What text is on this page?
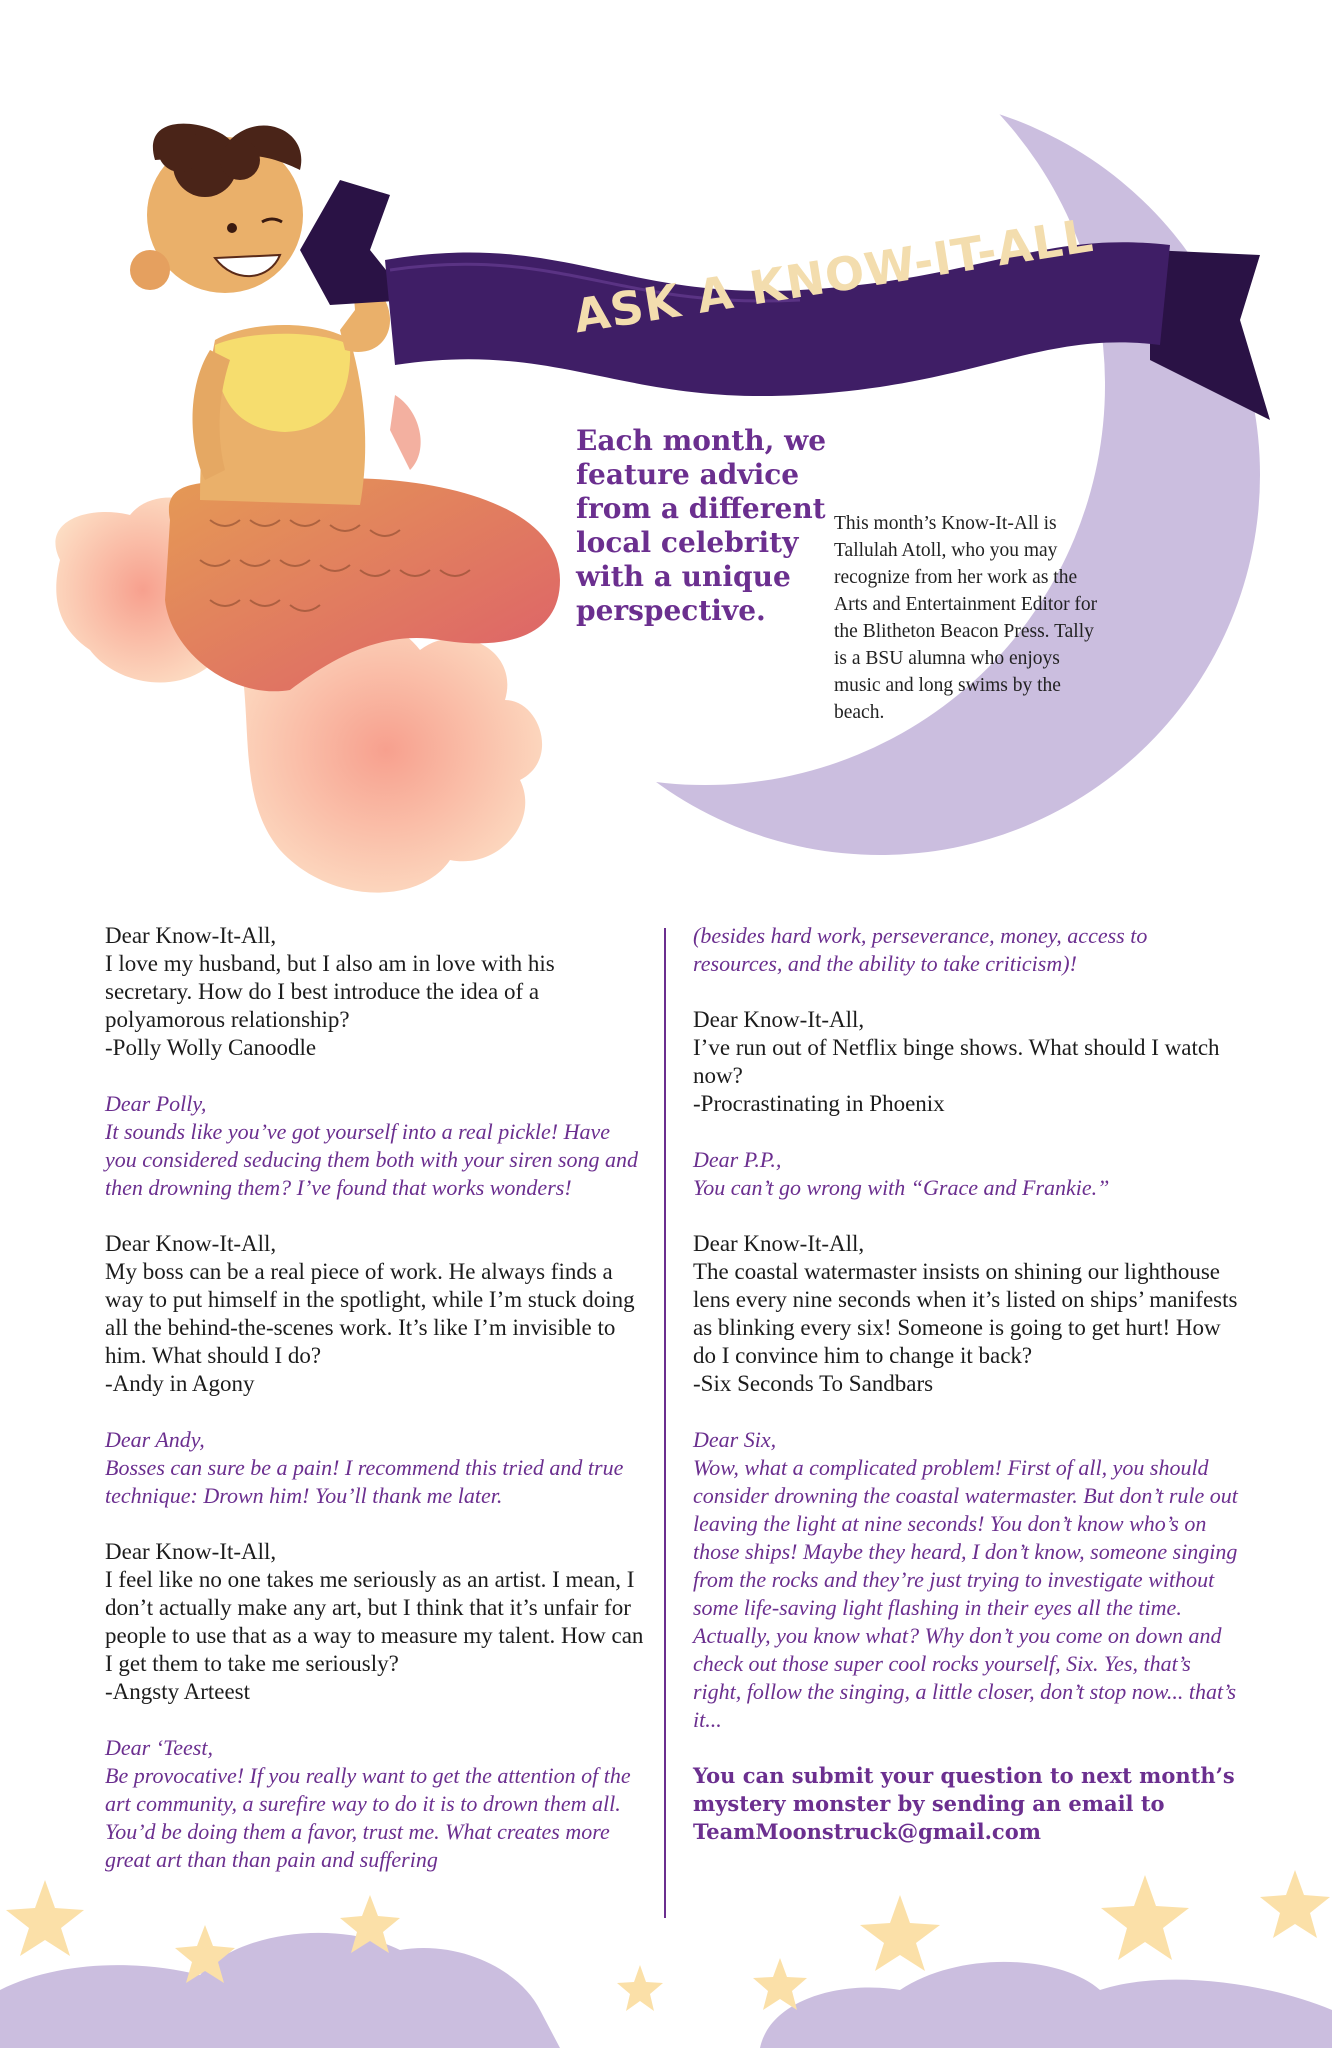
ASK A KNOW-IT-ALL
Each month, we feature advice from a different local celebrity with a unique perspective.
This month’s Know-It-All is Tallulah Atoll, who you may recognize from her work as the Arts and Entertainment Editor for the Blitheton Beacon Press. Tally is a BSU alumna who enjoys music and long swims by the beach.

Dear Know-It-All,

I love my husband, but I also am in love with his secretary. How do I best introduce the idea of a polyamorous relationship?

-Polly Wolly Canoodle

Dear Polly,

It sounds like you’ve got yourself into a real pickle! Have you considered seducing them both with your siren song and then drowning them? I’ve found that works wonders!

Dear Know-It-All,

My boss can be a real piece of work. He always finds a way to put himself in the spotlight, while I’m stuck doing all the behind-the-scenes work. It’s like I’m invisible to him. What should I do?

-Andy in Agony

Dear Andy,

Bosses can sure be a pain! I recommend this tried and true technique: Drown him! You’ll thank me later.

Dear Know-It-All,

I feel like no one takes me seriously as an artist. I mean, I don’t actually make any art, but I think that it’s unfair for people to use that as a way to measure my talent. How can I get them to take me seriously?

-Angsty Arteest

Dear ‘Teest,

Be provocative! If you really want to get the attention of the art community, a surefire way to do it is to drown them all. You’d be doing them a favor, trust me. What creates more great art than than pain and suffering

(besides hard work, perseverance, money, access to resources, and the ability to take criticism)!

Dear Know-It-All,

I’ve run out of Netflix binge shows. What should I watch now?

-Procrastinating in Phoenix

Dear P.P.,

You can’t go wrong with “Grace and Frankie.”

Dear Know-It-All,

The coastal watermaster insists on shining our lighthouse lens every nine seconds when it’s listed on ships’ manifests as blinking every six! Someone is going to get hurt! How do I convince him to change it back?

-Six Seconds To Sandbars

Dear Six,

Wow, what a complicated problem! First of all, you should consider drowning the coastal watermaster. But don’t rule out leaving the light at nine seconds! You don’t know who’s on those ships! Maybe they heard, I don’t know, someone singing from the rocks and they’re just trying to investigate without some life-saving light flashing in their eyes all the time. Actually, you know what? Why don’t you come on down and check out those super cool rocks yourself, Six. Yes, that’s right, follow the singing, a little closer, don’t stop now... that’s it...

You can submit your question to next month’s mystery monster by sending an email to TeamMoonstruck@gmail.com
